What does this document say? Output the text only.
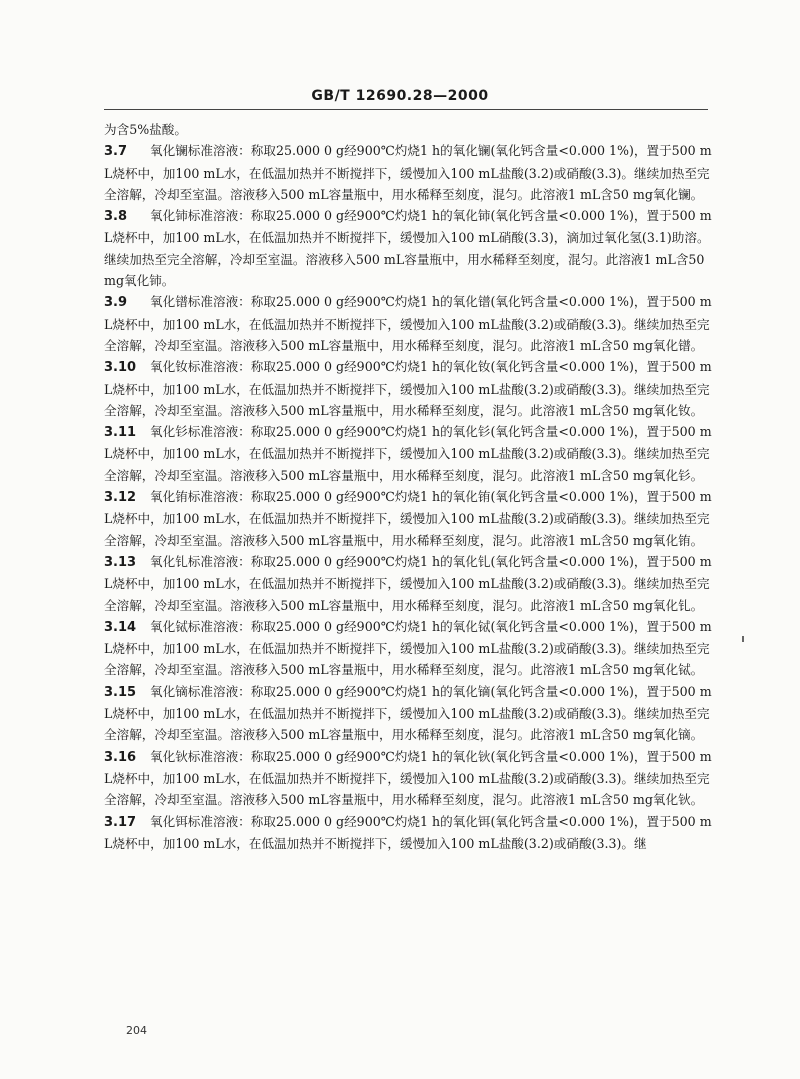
GB/T 12690.28—2000

为含5%盐酸。

3.7 氧化镧标准溶液：称取25.000 0 g经900℃灼烧1 h的氧化镧(氧化钙含量<0.000 1%)，置于500 mL烧杯中，加100 mL水，在低温加热并不断搅拌下，缓慢加入100 mL盐酸(3.2)或硝酸(3.3)。继续加热至完全溶解，冷却至室温。溶液移入500 mL容量瓶中，用水稀释至刻度，混匀。此溶液1 mL含50 mg氧化镧。

3.8 氧化铈标准溶液：称取25.000 0 g经900℃灼烧1 h的氧化铈(氧化钙含量<0.000 1%)，置于500 mL烧杯中，加100 mL水，在低温加热并不断搅拌下，缓慢加入100 mL硝酸(3.3)，滴加过氧化氢(3.1)助溶。继续加热至完全溶解，冷却至室温。溶液移入500 mL容量瓶中，用水稀释至刻度，混匀。此溶液1 mL含50 mg氧化铈。

3.9 氧化镨标准溶液：称取25.000 0 g经900℃灼烧1 h的氧化镨(氧化钙含量<0.000 1%)，置于500 mL烧杯中，加100 mL水，在低温加热并不断搅拌下，缓慢加入100 mL盐酸(3.2)或硝酸(3.3)。继续加热至完全溶解，冷却至室温。溶液移入500 mL容量瓶中，用水稀释至刻度，混匀。此溶液1 mL含50 mg氧化镨。

3.10 氧化钕标准溶液：称取25.000 0 g经900℃灼烧1 h的氧化钕(氧化钙含量<0.000 1%)，置于500 mL烧杯中，加100 mL水，在低温加热并不断搅拌下，缓慢加入100 mL盐酸(3.2)或硝酸(3.3)。继续加热至完全溶解，冷却至室温。溶液移入500 mL容量瓶中，用水稀释至刻度，混匀。此溶液1 mL含50 mg氧化钕。

3.11 氧化钐标准溶液：称取25.000 0 g经900℃灼烧1 h的氧化钐(氧化钙含量<0.000 1%)，置于500 mL烧杯中，加100 mL水，在低温加热并不断搅拌下，缓慢加入100 mL盐酸(3.2)或硝酸(3.3)。继续加热至完全溶解，冷却至室温。溶液移入500 mL容量瓶中，用水稀释至刻度，混匀。此溶液1 mL含50 mg氧化钐。

3.12 氧化铕标准溶液：称取25.000 0 g经900℃灼烧1 h的氧化铕(氧化钙含量<0.000 1%)，置于500 mL烧杯中，加100 mL水，在低温加热并不断搅拌下，缓慢加入100 mL盐酸(3.2)或硝酸(3.3)。继续加热至完全溶解，冷却至室温。溶液移入500 mL容量瓶中，用水稀释至刻度，混匀。此溶液1 mL含50 mg氧化铕。

3.13 氧化钆标准溶液：称取25.000 0 g经900℃灼烧1 h的氧化钆(氧化钙含量<0.000 1%)，置于500 mL烧杯中，加100 mL水，在低温加热并不断搅拌下，缓慢加入100 mL盐酸(3.2)或硝酸(3.3)。继续加热至完全溶解，冷却至室温。溶液移入500 mL容量瓶中，用水稀释至刻度，混匀。此溶液1 mL含50 mg氧化钆。

3.14 氧化铽标准溶液：称取25.000 0 g经900℃灼烧1 h的氧化铽(氧化钙含量<0.000 1%)，置于500 mL烧杯中，加100 mL水，在低温加热并不断搅拌下，缓慢加入100 mL盐酸(3.2)或硝酸(3.3)。继续加热至完全溶解，冷却至室温。溶液移入500 mL容量瓶中，用水稀释至刻度，混匀。此溶液1 mL含50 mg氧化铽。

3.15 氧化镝标准溶液：称取25.000 0 g经900℃灼烧1 h的氧化镝(氧化钙含量<0.000 1%)，置于500 mL烧杯中，加100 mL水，在低温加热并不断搅拌下，缓慢加入100 mL盐酸(3.2)或硝酸(3.3)。继续加热至完全溶解，冷却至室温。溶液移入500 mL容量瓶中，用水稀释至刻度，混匀。此溶液1 mL含50 mg氧化镝。

3.16 氧化钬标准溶液：称取25.000 0 g经900℃灼烧1 h的氧化钬(氧化钙含量<0.000 1%)，置于500 mL烧杯中，加100 mL水，在低温加热并不断搅拌下，缓慢加入100 mL盐酸(3.2)或硝酸(3.3)。继续加热至完全溶解，冷却至室温。溶液移入500 mL容量瓶中，用水稀释至刻度，混匀。此溶液1 mL含50 mg氧化钬。

3.17 氧化铒标准溶液：称取25.000 0 g经900℃灼烧1 h的氧化铒(氧化钙含量<0.000 1%)，置于500 mL烧杯中，加100 mL水，在低温加热并不断搅拌下，缓慢加入100 mL盐酸(3.2)或硝酸(3.3)。继

204
